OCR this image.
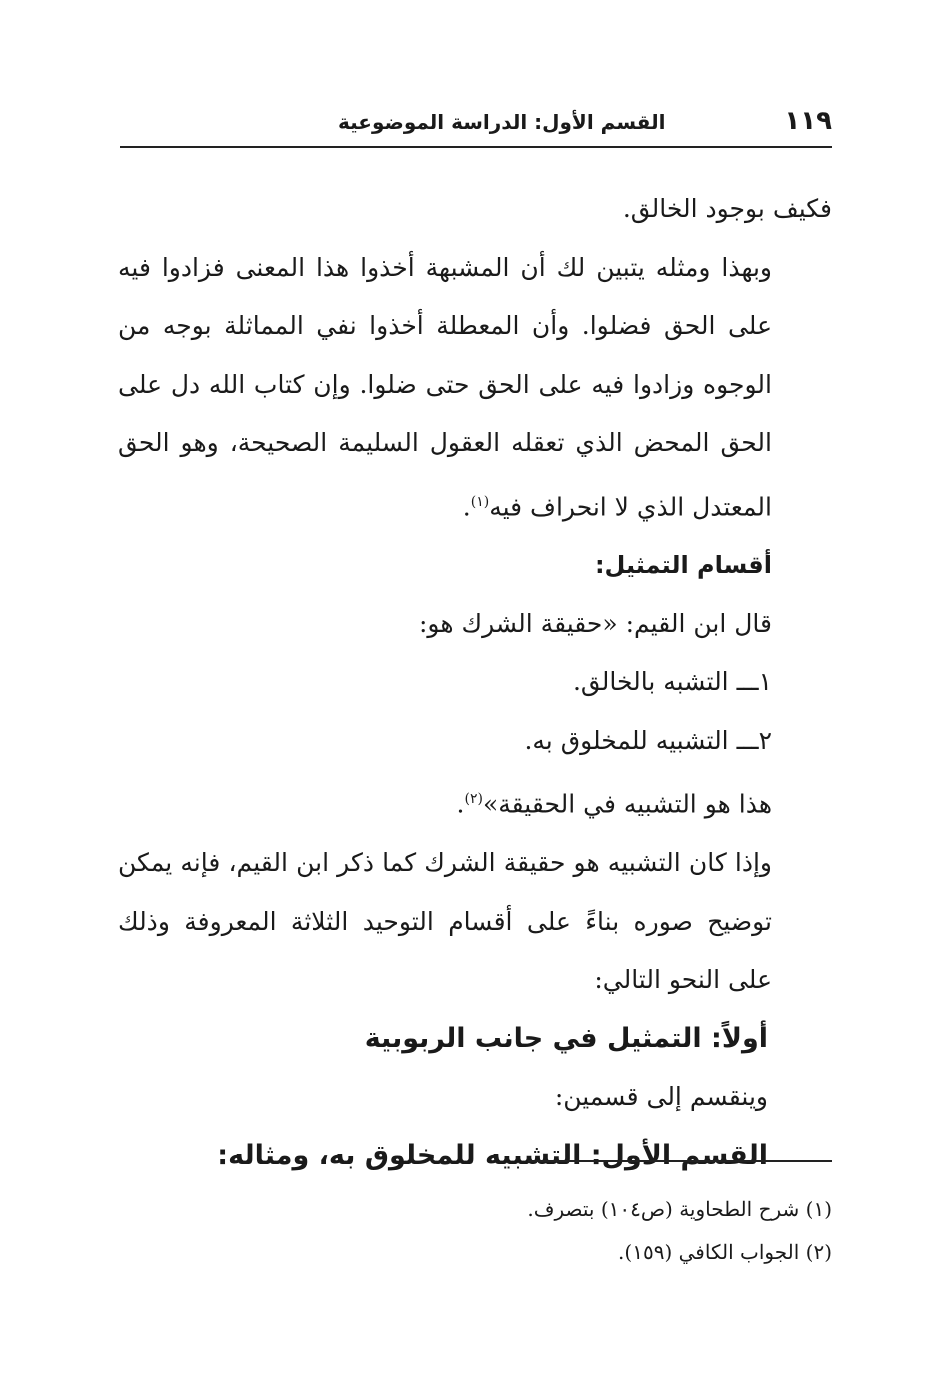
١١٩
القسم الأول: الدراسة الموضوعية

فكيف بوجود الخالق.

وبهذا ومثله يتبين لك أن المشبهة أخذوا هذا المعنى فزادوا فيه على الحق فضلوا. وأن المعطلة أخذوا نفي المماثلة بوجه من الوجوه وزادوا فيه على الحق حتى ضلوا. وإن كتاب الله دل على الحق المحض الذي تعقله العقول السليمة الصحيحة، وهو الحق المعتدل الذي لا انحراف فيه$^{(١)}$.

أقسام التمثيل:

قال ابن القيم: «حقيقة الشرك هو:

١ـــ التشبه بالخالق.

٢ـــ التشبيه للمخلوق به.

هذا هو التشبيه في الحقيقة»$^{(٢)}$.

وإذا كان التشبيه هو حقيقة الشرك كما ذكر ابن القيم، فإنه يمكن توضيح صوره بناءً على أقسام التوحيد الثلاثة المعروفة وذلك على النحو التالي:

أولاً: التمثيل في جانب الربوبية

وينقسم إلى قسمين:

القسم الأول: التشبيه للمخلوق به، ومثاله:

(١) شرح الطحاوية (ص١٠٤) بتصرف.

(٢) الجواب الكافي (١٥٩).
